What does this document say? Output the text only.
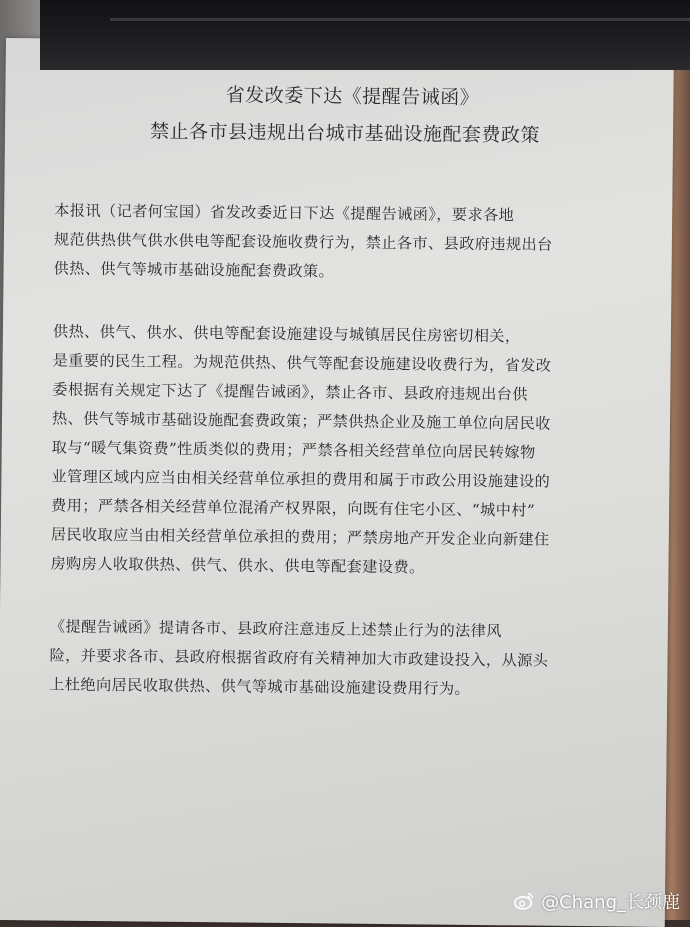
省发改委下达《提醒告诫函》
禁止各市县违规出台城市基础设施配套费政策
本报讯（记者何宝国）省发改委近日下达《提醒告诫函》，要求各地
规范供热供气供水供电等配套设施收费行为，禁止各市、县政府违规出台
供热、供气等城市基础设施配套费政策。
供热、供气、供水、供电等配套设施建设与城镇居民住房密切相关，
是重要的民生工程。为规范供热、供气等配套设施建设收费行为，省发改
委根据有关规定下达了《提醒告诫函》，禁止各市、县政府违规出台供
热、供气等城市基础设施配套费政策；严禁供热企业及施工单位向居民收
取与“暖气集资费”性质类似的费用；严禁各相关经营单位向居民转嫁物
业管理区域内应当由相关经营单位承担的费用和属于市政公用设施建设的
费用；严禁各相关经营单位混淆产权界限，向既有住宅小区、“城中村”
居民收取应当由相关经营单位承担的费用；严禁房地产开发企业向新建住
房购房人收取供热、供气、供水、供电等配套建设费。
《提醒告诫函》提请各市、县政府注意违反上述禁止行为的法律风
险，并要求各市、县政府根据省政府有关精神加大市政建设投入，从源头
上杜绝向居民收取供热、供气等城市基础设施建设费用行为。
@Chang_长颈鹿
